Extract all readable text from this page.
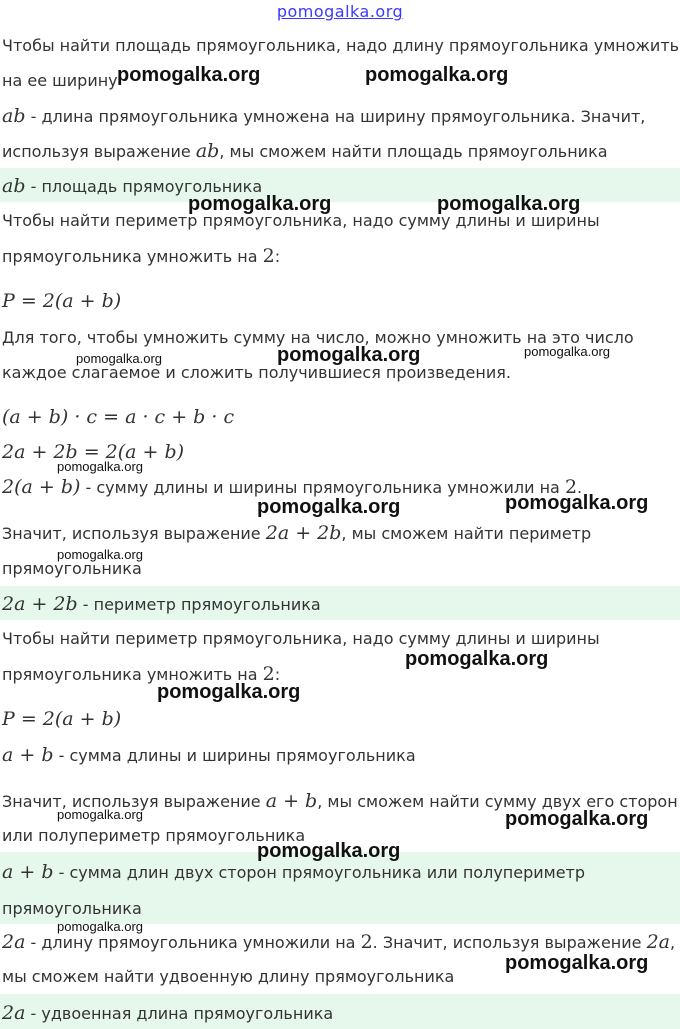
pomogalka.org
Чтобы найти площадь прямоугольника, надо длину прямоугольника умножить
на ее ширину
ab - длина прямоугольника умножена на ширину прямоугольника. Значит,
используя выражение ab, мы сможем найти площадь прямоугольника
ab - площадь прямоугольника
Чтобы найти периметр прямоугольника, надо сумму длины и ширины
прямоугольника умножить на 2:
P = 2(a + b)
Для того, чтобы умножить сумму на число, можно умножить на это число
каждое слагаемое и сложить получившиеся произведения.
(a + b) · c = a · c + b · c
2a + 2b = 2(a + b)
2(a + b) - сумму длины и ширины прямоугольника умножили на 2.
Значит, используя выражение 2a + 2b, мы сможем найти периметр
прямоугольника
2a + 2b - периметр прямоугольника
Чтобы найти периметр прямоугольника, надо сумму длины и ширины
прямоугольника умножить на 2:
P = 2(a + b)
a + b - сумма длины и ширины прямоугольника
Значит, используя выражение a + b, мы сможем найти сумму двух его сторон
или полупериметр прямоугольника
a + b - сумма длин двух сторон прямоугольника или полупериметр
прямоугольника
2a - длину прямоугольника умножили на 2. Значит, используя выражение 2a,
мы сможем найти удвоенную длину прямоугольника
2a - удвоенная длина прямоугольника
pomogalka.org	pomogalka.org
pomogalka.org	pomogalka.org
pomogalka.org	pomogalka.org	pomogalka.org
pomogalka.org
pomogalka.org	pomogalka.org
pomogalka.org
pomogalka.org
pomogalka.org
pomogalka.org	pomogalka.org
pomogalka.org
pomogalka.org
pomogalka.org
